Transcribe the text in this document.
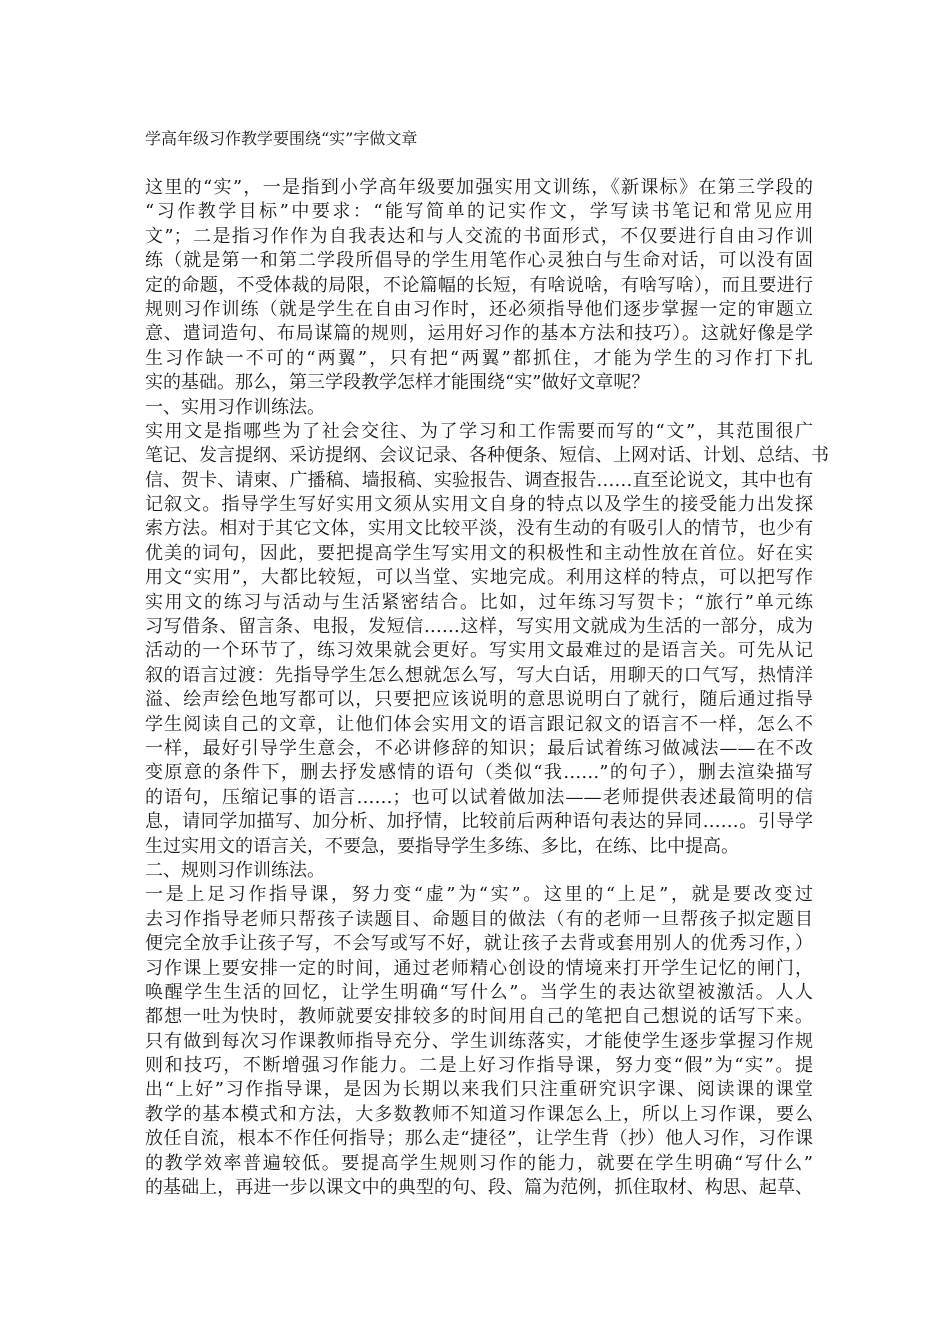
学高年级习作教学要围绕“实”字做文章
这里的“实”，一是指到小学高年级要加强实用文训练，《新课标》在第三学段的
“习作教学目标”中要求：“能写简单的记实作文，学写读书笔记和常见应用
文”；二是指习作作为自我表达和与人交流的书面形式，不仅要进行自由习作训
练（就是第一和第二学段所倡导的学生用笔作心灵独白与生命对话，可以没有固
定的命题，不受体裁的局限，不论篇幅的长短，有啥说啥，有啥写啥），而且要进行
规则习作训练（就是学生在自由习作时，还必须指导他们逐步掌握一定的审题立
意、遣词造句、布局谋篇的规则，运用好习作的基本方法和技巧）。这就好像是学
生习作缺一不可的“两翼”，只有把“两翼”都抓住，才能为学生的习作打下扎
实的基础。那么，第三学段教学怎样才能围绕“实”做好文章呢？
一、实用习作训练法。
实用文是指哪些为了社会交往、为了学习和工作需要而写的“文”，其范围很广
笔记、发言提纲、采访提纲、会议记录、各种便条、短信、上网对话、计划、总结、书
信、贺卡、请柬、广播稿、墙报稿、实验报告、调查报告……直至论说文，其中也有
记叙文。指导学生写好实用文须从实用文自身的特点以及学生的接受能力出发探
索方法。相对于其它文体，实用文比较平淡，没有生动的有吸引人的情节，也少有
优美的词句，因此，要把提高学生写实用文的积极性和主动性放在首位。好在实
用文“实用”，大都比较短，可以当堂、实地完成。利用这样的特点，可以把写作
实用文的练习与活动与生活紧密结合。比如，过年练习写贺卡；“旅行”单元练
习写借条、留言条、电报，发短信……这样，写实用文就成为生活的一部分，成为
活动的一个环节了，练习效果就会更好。写实用文最难过的是语言关。可先从记
叙的语言过渡：先指导学生怎么想就怎么写，写大白话，用聊天的口气写，热情洋
溢、绘声绘色地写都可以，只要把应该说明的意思说明白了就行，随后通过指导
学生阅读自己的文章，让他们体会实用文的语言跟记叙文的语言不一样，怎么不
一样，最好引导学生意会，不必讲修辞的知识；最后试着练习做减法——在不改
变原意的条件下，删去抒发感情的语句（类似“我……”的句子），删去渲染描写
的语句，压缩记事的语言……；也可以试着做加法——老师提供表述最简明的信
息，请同学加描写、加分析、加抒情，比较前后两种语句表达的异同……。引导学
生过实用文的语言关，不要急，要指导学生多练、多比，在练、比中提高。
二、规则习作训练法。
一是上足习作指导课，努力变“虚”为“实”。这里的“上足”，就是要改变过
去习作指导老师只帮孩子读题目、命题目的做法（有的老师一旦帮孩子拟定题目
便完全放手让孩子写，不会写或写不好，就让孩子去背或套用别人的优秀习作，）
习作课上要安排一定的时间，通过老师精心创设的情境来打开学生记忆的闸门，
唤醒学生生活的回忆，让学生明确“写什么”。当学生的表达欲望被激活。人人
都想一吐为快时，教师就要安排较多的时间用自己的笔把自己想说的话写下来。
只有做到每次习作课教师指导充分、学生训练落实，才能使学生逐步掌握习作规
则和技巧，不断增强习作能力。二是上好习作指导课，努力变“假”为“实”。提
出“上好”习作指导课，是因为长期以来我们只注重研究识字课、阅读课的课堂
教学的基本模式和方法，大多数教师不知道习作课怎么上，所以上习作课，要么
放任自流，根本不作任何指导；那么走“捷径”，让学生背（抄）他人习作，习作课
的教学效率普遍较低。要提高学生规则习作的能力，就要在学生明确“写什么”
的基础上，再进一步以课文中的典型的句、段、篇为范例，抓住取材、构思、起草、
